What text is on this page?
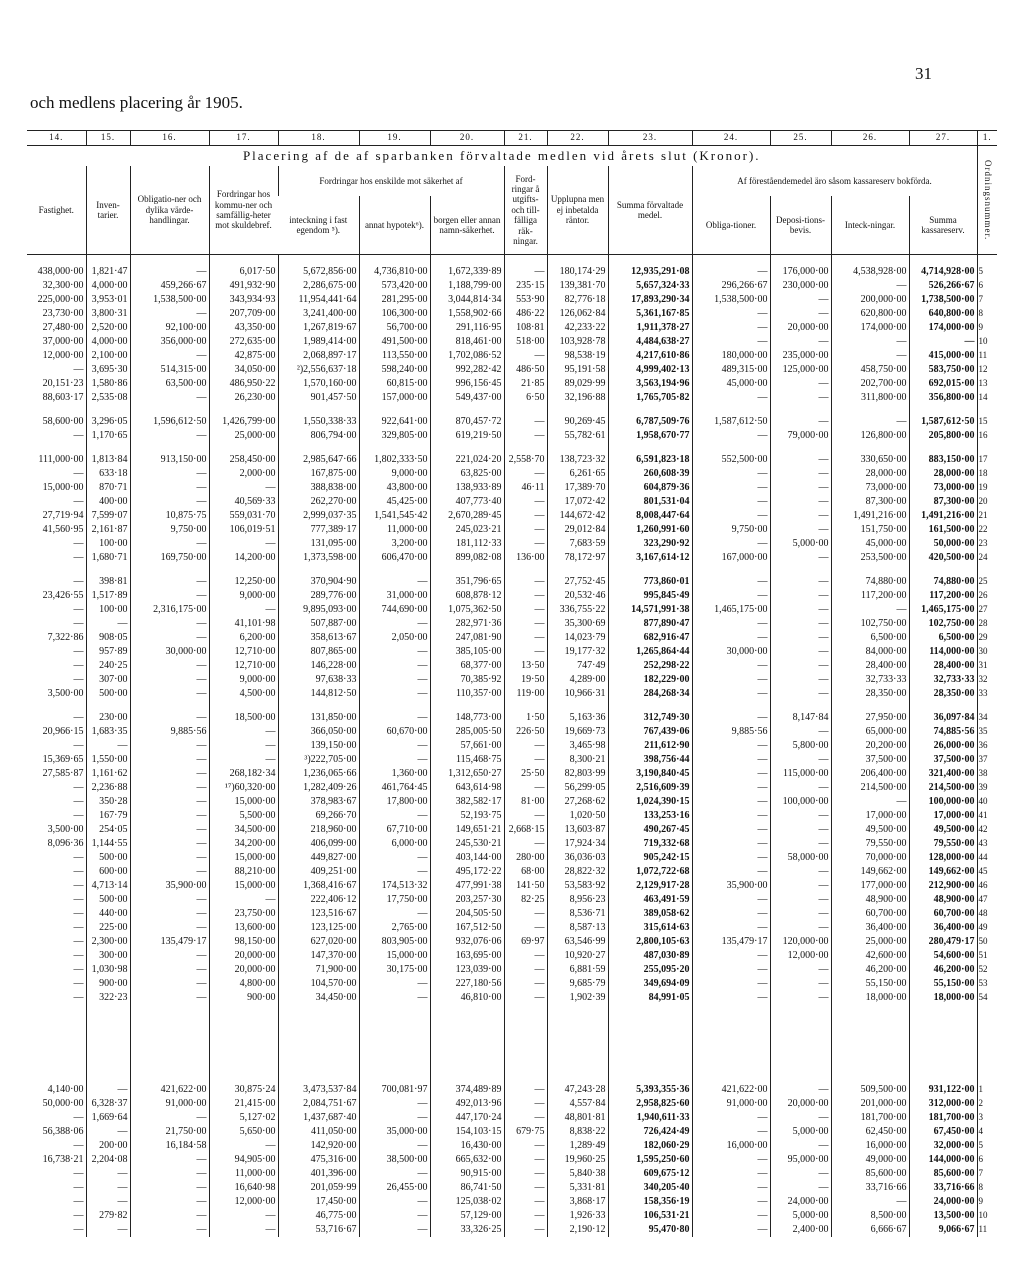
och medlens placering år 1905.
31
14.	15.	16.	17.	18.	19.	20.	21.	22.	23.	24.	25.	26.	27.	1.
Placering af de af sparbanken förvaltade medlen vid årets slut (Kronor).														Ordningsnummer.

Fastighet.	Inven-tarier.	Obligatio-ner och dylika värde-handlingar.	Fordringar hos kommu-ner och samfällig-heter mot skuldebref.	Fordringar hos enskilde mot säkerhet af			Ford-ringar å utgifts- och till-fälliga räk-ningar.	Upplupna men ej inbetalda räntor.	Summa förvaltade medel.	Af föreståendemedel äro såsom kassareserv bokförda.				
				inteckning i fast egendom ⁵).	annat hypotek⁶).	borgen eller annan namn-säkerhet.				Obliga-tioner.	Deposi-tions-bevis.	Inteck-ningar.	Summa kassareserv.	

438,000·00	1,821·47	—	6,017·50	5,672,856·00	4,736,810·00	1,672,339·89	—	180,174·29	12,935,291·08	—	176,000·00	4,538,928·00	4,714,928·00	5
32,300·00	4,000·00	459,266·67	491,932·90	2,286,675·00	573,420·00	1,188,799·00	235·15	139,381·70	5,657,324·33	296,266·67	230,000·00	—	526,266·67	6
225,000·00	3,953·01	1,538,500·00	343,934·93	11,954,441·64	281,295·00	3,044,814·34	553·90	82,776·18	17,893,290·34	1,538,500·00	—	200,000·00	1,738,500·00	7
23,730·00	3,800·31	—	207,709·00	3,241,400·00	106,300·00	1,558,902·66	486·22	126,062·84	5,361,167·85	—	—	620,800·00	640,800·00	8
27,480·00	2,520·00	92,100·00	43,350·00	1,267,819·67	56,700·00	291,116·95	108·81	42,233·22	1,911,378·27	—	20,000·00	174,000·00	174,000·00	9
37,000·00	4,000·00	356,000·00	272,635·00	1,989,414·00	491,500·00	818,461·00	518·00	103,928·78	4,484,638·27	—	—	—	—	10
12,000·00	2,100·00	—	42,875·00	2,068,897·17	113,550·00	1,702,086·52	—	98,538·19	4,217,610·86	180,000·00	235,000·00	—	415,000·00	11
—	3,695·30	514,315·00	34,050·00	²)2,556,637·18	598,240·00	992,282·42	486·50	95,191·58	4,999,402·13	489,315·00	125,000·00	458,750·00	583,750·00	12
20,151·23	1,580·86	63,500·00	486,950·22	1,570,160·00	60,815·00	996,156·45	21·85	89,029·99	3,563,194·96	45,000·00	—	202,700·00	692,015·00	13
88,603·17	2,535·08	—	26,230·00	901,457·50	157,000·00	549,437·00	6·50	32,196·88	1,765,705·82	—	—	311,800·00	356,800·00	14

58,600·00	3,296·05	1,596,612·50	1,426,799·00	1,550,338·33	922,641·00	870,457·72	—	90,269·45	6,787,509·76	1,587,612·50	—	—	1,587,612·50	15
—	1,170·65	—	25,000·00	806,794·00	329,805·00	619,219·50	—	55,782·61	1,958,670·77	—	79,000·00	126,800·00	205,800·00	16

111,000·00	1,813·84	913,150·00	258,450·00	2,985,647·66	1,802,333·50	221,024·20	2,558·70	138,723·32	6,591,823·18	552,500·00	—	330,650·00	883,150·00	17
—	633·18	—	2,000·00	167,875·00	9,000·00	63,825·00	—	6,261·65	260,608·39	—	—	28,000·00	28,000·00	18
15,000·00	870·71	—	—	388,838·00	43,800·00	138,933·89	46·11	17,389·70	604,879·36	—	—	73,000·00	73,000·00	19
—	400·00	—	40,569·33	262,270·00	45,425·00	407,773·40	—	17,072·42	801,531·04	—	—	87,300·00	87,300·00	20
27,719·94	7,599·07	10,875·75	559,031·70	2,999,037·35	1,541,545·42	2,670,289·45	—	144,672·42	8,008,447·64	—	—	1,491,216·00	1,491,216·00	21
41,560·95	2,161·87	9,750·00	106,019·51	777,389·17	11,000·00	245,023·21	—	29,012·84	1,260,991·60	9,750·00	—	151,750·00	161,500·00	22
—	100·00	—	—	131,095·00	3,200·00	181,112·33	—	7,683·59	323,290·92	—	5,000·00	45,000·00	50,000·00	23
—	1,680·71	169,750·00	14,200·00	1,373,598·00	606,470·00	899,082·08	136·00	78,172·97	3,167,614·12	167,000·00	—	253,500·00	420,500·00	24

—	398·81	—	12,250·00	370,904·90	—	351,796·65	—	27,752·45	773,860·01	—	—	74,880·00	74,880·00	25
23,426·55	1,517·89	—	9,000·00	289,776·00	31,000·00	608,878·12	—	20,532·46	995,845·49	—	—	117,200·00	117,200·00	26
—	100·00	2,316,175·00	—	9,895,093·00	744,690·00	1,075,362·50	—	336,755·22	14,571,991·38	1,465,175·00	—	—	1,465,175·00	27
—	—	—	41,101·98	507,887·00	—	282,971·36	—	35,300·69	877,890·47	—	—	102,750·00	102,750·00	28
7,322·86	908·05	—	6,200·00	358,613·67	2,050·00	247,081·90	—	14,023·79	682,916·47	—	—	6,500·00	6,500·00	29
—	957·89	30,000·00	12,710·00	807,865·00	—	385,105·00	—	19,177·32	1,265,864·44	30,000·00	—	84,000·00	114,000·00	30
—	240·25	—	12,710·00	146,228·00	—	68,377·00	13·50	747·49	252,298·22	—	—	28,400·00	28,400·00	31
—	307·00	—	9,000·00	97,638·33	—	70,385·92	19·50	4,289·00	182,229·00	—	—	32,733·33	32,733·33	32
3,500·00	500·00	—	4,500·00	144,812·50	—	110,357·00	119·00	10,966·31	284,268·34	—	—	28,350·00	28,350·00	33

—	230·00	—	18,500·00	131,850·00	—	148,773·00	1·50	5,163·36	312,749·30	—	8,147·84	27,950·00	36,097·84	34
20,966·15	1,683·35	9,885·56	—	366,050·00	60,670·00	285,005·50	226·50	19,669·73	767,439·06	9,885·56	—	65,000·00	74,885·56	35
—	—	—	—	139,150·00	—	57,661·00	—	3,465·98	211,612·90	—	5,800·00	20,200·00	26,000·00	36
15,369·65	1,550·00	—	—	³)222,705·00	—	115,468·75	—	8,300·21	398,756·44	—	—	37,500·00	37,500·00	37
27,585·87	1,161·62	—	268,182·34	1,236,065·66	1,360·00	1,312,650·27	25·50	82,803·99	3,190,840·45	—	115,000·00	206,400·00	321,400·00	38
—	2,236·88	—	¹⁷)60,320·00	1,282,409·26	461,764·45	643,614·98	—	56,299·05	2,516,609·39	—	—	214,500·00	214,500·00	39
—	350·28	—	15,000·00	378,983·67	17,800·00	382,582·17	81·00	27,268·62	1,024,390·15	—	100,000·00	—	100,000·00	40
—	167·79	—	5,500·00	69,266·70	—	52,193·75	—	1,020·50	133,253·16	—	—	17,000·00	17,000·00	41
3,500·00	254·05	—	34,500·00	218,960·00	67,710·00	149,651·21	2,668·15	13,603·87	490,267·45	—	—	49,500·00	49,500·00	42
8,096·36	1,144·55	—	34,200·00	406,099·00	6,000·00	245,530·21	—	17,924·34	719,332·68	—	—	79,550·00	79,550·00	43
—	500·00	—	15,000·00	449,827·00	—	403,144·00	280·00	36,036·03	905,242·15	—	58,000·00	70,000·00	128,000·00	44
—	600·00	—	88,210·00	409,251·00	—	495,172·22	68·00	28,822·32	1,072,722·68	—	—	149,662·00	149,662·00	45
—	4,713·14	35,900·00	15,000·00	1,368,416·67	174,513·32	477,991·38	141·50	53,583·92	2,129,917·28	35,900·00	—	177,000·00	212,900·00	46
—	500·00	—	—	222,406·12	17,750·00	203,257·30	82·25	8,956·23	463,491·59	—	—	48,900·00	48,900·00	47
—	440·00	—	23,750·00	123,516·67	—	204,505·50	—	8,536·71	389,058·62	—	—	60,700·00	60,700·00	48
—	225·00	—	13,600·00	123,125·00	2,765·00	167,512·50	—	8,587·13	315,614·63	—	—	36,400·00	36,400·00	49
—	2,300·00	135,479·17	98,150·00	627,020·00	803,905·00	932,076·06	69·97	63,546·99	2,800,105·63	135,479·17	120,000·00	25,000·00	280,479·17	50
—	300·00	—	20,000·00	147,370·00	15,000·00	163,695·00	—	10,920·27	487,030·89	—	12,000·00	42,600·00	54,600·00	51
—	1,030·98	—	20,000·00	71,900·00	30,175·00	123,039·00	—	6,881·59	255,095·20	—	—	46,200·00	46,200·00	52
—	900·00	—	4,800·00	104,570·00	—	227,180·56	—	9,685·79	349,694·09	—	—	55,150·00	55,150·00	53
—	322·23	—	900·00	34,450·00	—	46,810·00	—	1,902·39	84,991·05	—	—	18,000·00	18,000·00	54

4,140·00	—	421,622·00	30,875·24	3,473,537·84	700,081·97	374,489·89	—	47,243·28	5,393,355·36	421,622·00	—	509,500·00	931,122·00	1
50,000·00	6,328·37	91,000·00	21,415·00	2,084,751·67	—	492,013·96	—	4,557·84	2,958,825·60	91,000·00	20,000·00	201,000·00	312,000·00	2
—	1,669·64	—	5,127·02	1,437,687·40	—	447,170·24	—	48,801·81	1,940,611·33	—	—	181,700·00	181,700·00	3
56,388·06	—	21,750·00	5,650·00	411,050·00	35,000·00	154,103·15	679·75	8,838·22	726,424·49	—	5,000·00	62,450·00	67,450·00	4
—	200·00	16,184·58	—	142,920·00	—	16,430·00	—	1,289·49	182,060·29	16,000·00	—	16,000·00	32,000·00	5
16,738·21	2,204·08	—	94,905·00	475,316·00	38,500·00	665,632·00	—	19,960·25	1,595,250·60	—	95,000·00	49,000·00	144,000·00	6
—	—	—	11,000·00	401,396·00	—	90,915·00	—	5,840·38	609,675·12	—	—	85,600·00	85,600·00	7
—	—	—	16,640·98	201,059·99	26,455·00	86,741·50	—	5,331·81	340,205·40	—	—	33,716·66	33,716·66	8
—	—	—	12,000·00	17,450·00	—	125,038·02	—	3,868·17	158,356·19	—	24,000·00	—	24,000·00	9
—	279·82	—	—	46,775·00	—	57,129·00	—	1,926·33	106,531·21	—	5,000·00	8,500·00	13,500·00	10
—	—	—	—	53,716·67	—	33,326·25	—	2,190·12	95,470·80	—	2,400·00	6,666·67	9,066·67	11
